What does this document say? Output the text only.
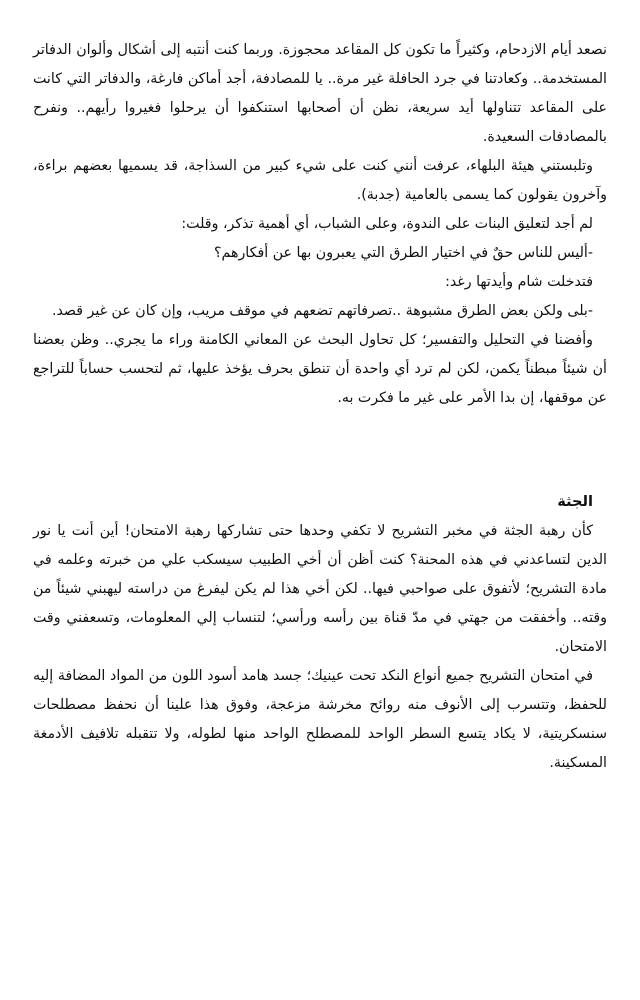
نصعد أيام الازدحام، وكثيراً ما تكون كل المقاعد محجوزة. وربما كنت أنتبه إلى أشكال وألوان الدفاتر المستخدمة.. وكعادتنا في جرد الحافلة غير مرة.. يا للمصادفة، أجد أماكن فارغة، والدفاتر التي كانت على المقاعد تتناولها أيد سريعة، نظن أن أصحابها استنكفوا أن يرحلوا فغيروا رأيهم.. ونفرح بالمصادفات السعيدة.

وتلبستني هيئة البلهاء، عرفت أنني كنت على شيء كبير من السذاجة، قد يسميها بعضهم براءة، وآخرون يقولون كما يسمى بالعامية (جدبة).

لم أجد لتعليق البنات على الندوة، وعلى الشباب، أي أهمية تذكر، وقلت:

-أليس للناس حقٌ في اختيار الطرق التي يعبرون بها عن أفكارهم؟

فتدخلت شام وأيدتها رغد:

-بلى ولكن بعض الطرق مشبوهة ..تصرفاتهم تضعهم في موقف مريب، وإن كان عن غير قصد.

وأفضنا في التحليل والتفسير؛ كل تحاول البحث عن المعاني الكامنة وراء ما يجري.. وظن بعضنا أن شيئاً مبطناً يكمن، لكن لم ترد أي واحدة أن تنطق بحرف يؤخذ عليها، ثم لتحسب حساباً للتراجع عن موقفها، إن بدا الأمر على غير ما فكرت به.

الجثة

كأن رهبة الجثة في مخبر التشريح لا تكفي وحدها حتى تشاركها رهبة الامتحان! أين أنت يا نور الدين لتساعدني في هذه المحنة؟ كنت أظن أن أخي الطبيب سيسكب علي من خبرته وعلمه في مادة التشريح؛ لأتفوق على صواحبي فيها.. لكن أخي هذا لم يكن ليفرغ من دراسته ليهبني شيئاً من وقته.. وأخفقت من جهتي في مدّ قناة بين رأسه ورأسي؛ لتنساب إلي المعلومات، وتسعفني وقت الامتحان.

في امتحان التشريح جميع أنواع النكد تحت عينيك؛ جسد هامد أسود اللون من المواد المضافة إليه للحفظ، وتتسرب إلى الأنوف منه روائح مخرشة مزعجة، وفوق هذا علينا أن نحفظ مصطلحات سنسكريتية، لا يكاد يتسع السطر الواحد للمصطلح الواحد منها لطوله، ولا تتقبله تلافيف الأدمغة المسكينة.
